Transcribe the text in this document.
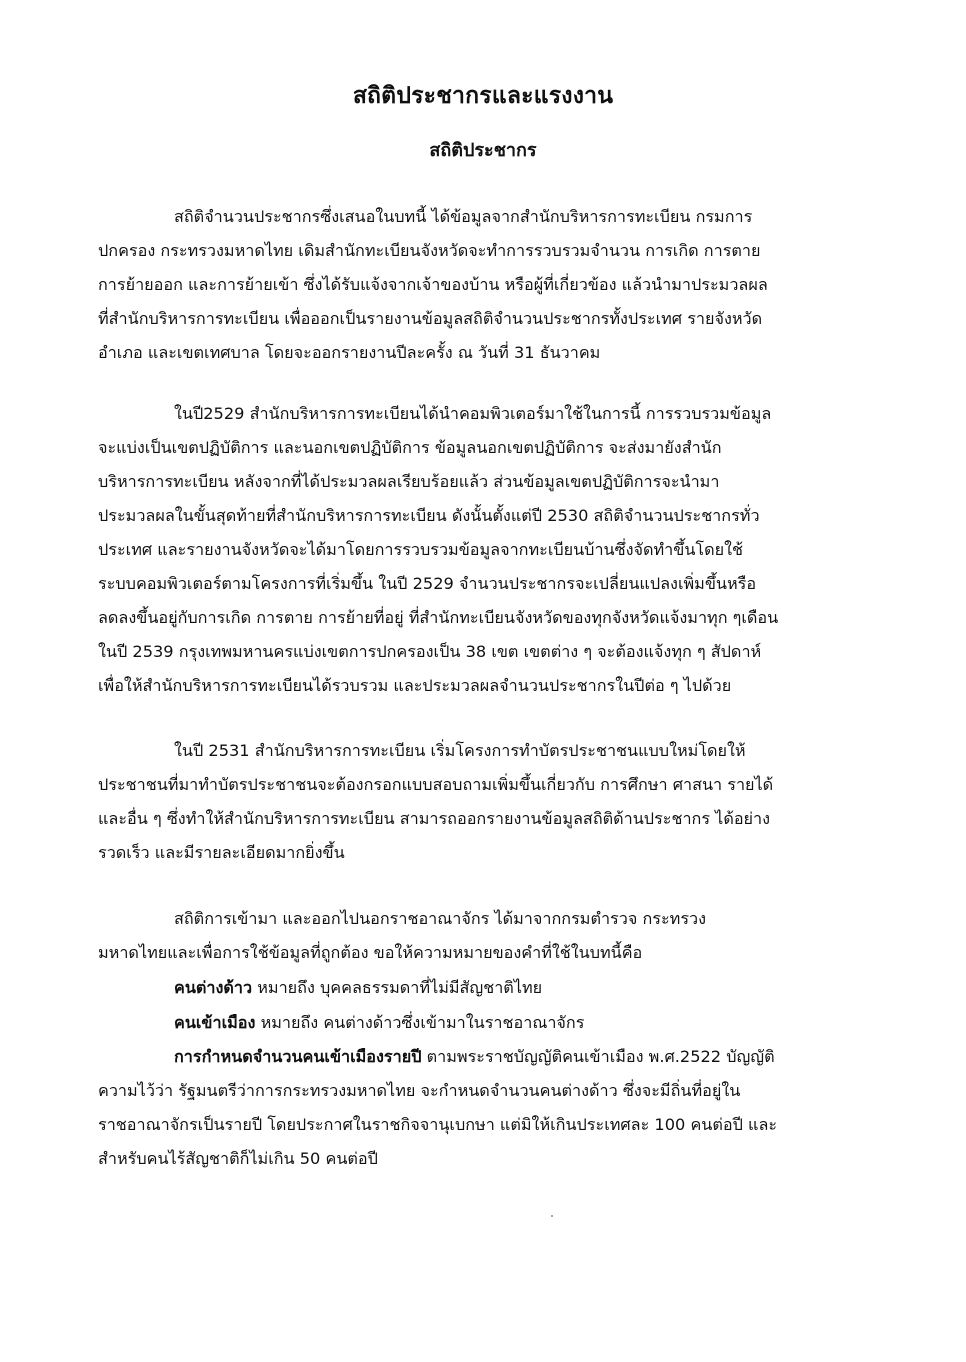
สถิติประชากรและแรงงาน
สถิติประชากร
สถิติจำนวนประชากรซึ่งเสนอในบทนี้ ได้ข้อมูลจากสำนักบริหารการทะเบียน กรมการ
ปกครอง กระทรวงมหาดไทย เดิมสำนักทะเบียนจังหวัดจะทำการรวบรวมจำนวน การเกิด การตาย
การย้ายออก และการย้ายเข้า ซึ่งได้รับแจ้งจากเจ้าของบ้าน หรือผู้ที่เกี่ยวข้อง แล้วนำมาประมวลผล
ที่สำนักบริหารการทะเบียน เพื่อออกเป็นรายงานข้อมูลสถิติจำนวนประชากรทั้งประเทศ รายจังหวัด
อำเภอ และเขตเทศบาล โดยจะออกรายงานปีละครั้ง ณ วันที่ 31 ธันวาคม
ในปี2529 สำนักบริหารการทะเบียนได้นำคอมพิวเตอร์มาใช้ในการนี้ การรวบรวมข้อมูล
จะแบ่งเป็นเขตปฏิบัติการ และนอกเขตปฏิบัติการ ข้อมูลนอกเขตปฏิบัติการ จะส่งมายังสำนัก
บริหารการทะเบียน หลังจากที่ได้ประมวลผลเรียบร้อยแล้ว ส่วนข้อมูลเขตปฏิบัติการจะนำมา
ประมวลผลในขั้นสุดท้ายที่สำนักบริหารการทะเบียน ดังนั้นตั้งแต่ปี 2530 สถิติจำนวนประชากรทั่ว
ประเทศ และรายงานจังหวัดจะได้มาโดยการรวบรวมข้อมูลจากทะเบียนบ้านซึ่งจัดทำขึ้นโดยใช้
ระบบคอมพิวเตอร์ตามโครงการที่เริ่มขึ้น ในปี 2529 จำนวนประชากรจะเปลี่ยนแปลงเพิ่มขึ้นหรือ
ลดลงขึ้นอยู่กับการเกิด การตาย การย้ายที่อยู่ ที่สำนักทะเบียนจังหวัดของทุกจังหวัดแจ้งมาทุก ๆเดือน
ในปี 2539 กรุงเทพมหานครแบ่งเขตการปกครองเป็น 38 เขต เขตต่าง ๆ จะต้องแจ้งทุก ๆ สัปดาห์
เพื่อให้สำนักบริหารการทะเบียนได้รวบรวม และประมวลผลจำนวนประชากรในปีต่อ ๆ ไปด้วย
ในปี 2531 สำนักบริหารการทะเบียน เริ่มโครงการทำบัตรประชาชนแบบใหม่โดยให้
ประชาชนที่มาทำบัตรประชาชนจะต้องกรอกแบบสอบถามเพิ่มขึ้นเกี่ยวกับ การศึกษา ศาสนา รายได้
และอื่น ๆ ซึ่งทำให้สำนักบริหารการทะเบียน สามารถออกรายงานข้อมูลสถิติด้านประชากร ได้อย่าง
รวดเร็ว และมีรายละเอียดมากยิ่งขึ้น
สถิติการเข้ามา และออกไปนอกราชอาณาจักร ได้มาจากกรมตำรวจ กระทรวง
มหาดไทยและเพื่อการใช้ข้อมูลที่ถูกต้อง ขอให้ความหมายของคำที่ใช้ในบทนี้คือ
คนต่างด้าว หมายถึง บุคคลธรรมดาที่ไม่มีสัญชาติไทย
คนเข้าเมือง หมายถึง คนต่างด้าวซึ่งเข้ามาในราชอาณาจักร
การกำหนดจำนวนคนเข้าเมืองรายปี ตามพระราชบัญญัติคนเข้าเมือง พ.ศ.2522 บัญญัติ
ความไว้ว่า รัฐมนตรีว่าการกระทรวงมหาดไทย จะกำหนดจำนวนคนต่างด้าว ซึ่งจะมีถิ่นที่อยู่ใน
ราชอาณาจักรเป็นรายปี โดยประกาศในราชกิจจานุเบกษา แต่มิให้เกินประเทศละ 100 คนต่อปี และ
สำหรับคนไร้สัญชาติก็ไม่เกิน 50 คนต่อปี
